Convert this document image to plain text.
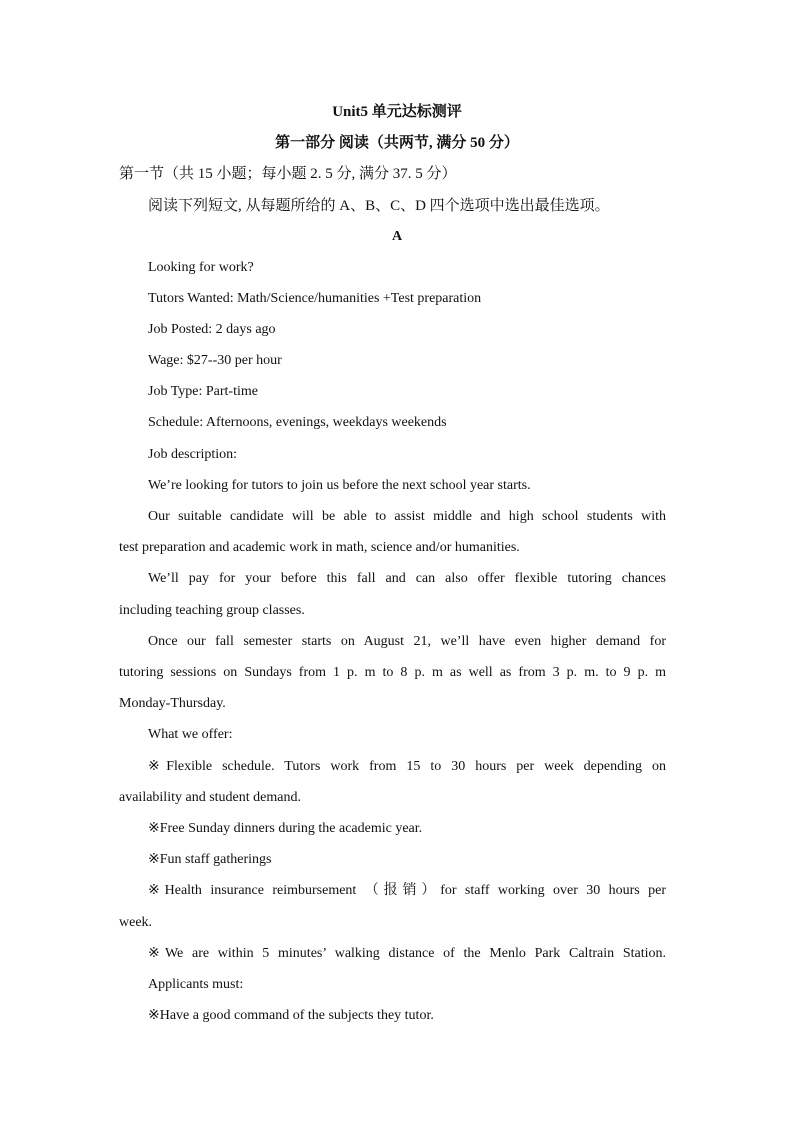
Unit5 单元达标测评
第一部分 阅读（共两节, 满分 50 分）
第一节（共 15 小题；每小题 2. 5 分, 满分 37. 5 分）
阅读下列短文, 从每题所给的 A、B、C、D 四个选项中选出最佳选项。
A
Looking for work?
Tutors Wanted: Math/Science/humanities +Test preparation
Job Posted: 2 days ago
Wage: $27--30 per hour
Job Type: Part-time
Schedule: Afternoons, evenings, weekdays weekends
Job description:
We’re looking for tutors to join us before the next school year starts.
Our suitable candidate will be able to assist middle and high school students with
test preparation and academic work in math, science and/or humanities.
We’ll pay for your before this fall and can also offer flexible tutoring chances
including teaching group classes.
Once our fall semester starts on August 21, we’ll have even higher demand for
tutoring sessions on Sundays from 1 p. m to 8 p. m as well as from 3 p. m. to 9 p. m
Monday-Thursday.
What we offer:
※Flexible schedule. Tutors work from 15 to 30 hours per week depending on
availability and student demand.
※Free Sunday dinners during the academic year.
※Fun staff gatherings
※Health insurance reimbursement （报销）for staff working over 30 hours per
week.
※We are within 5 minutes’ walking distance of the Menlo Park Caltrain Station.
Applicants must:
※Have a good command of the subjects they tutor.
